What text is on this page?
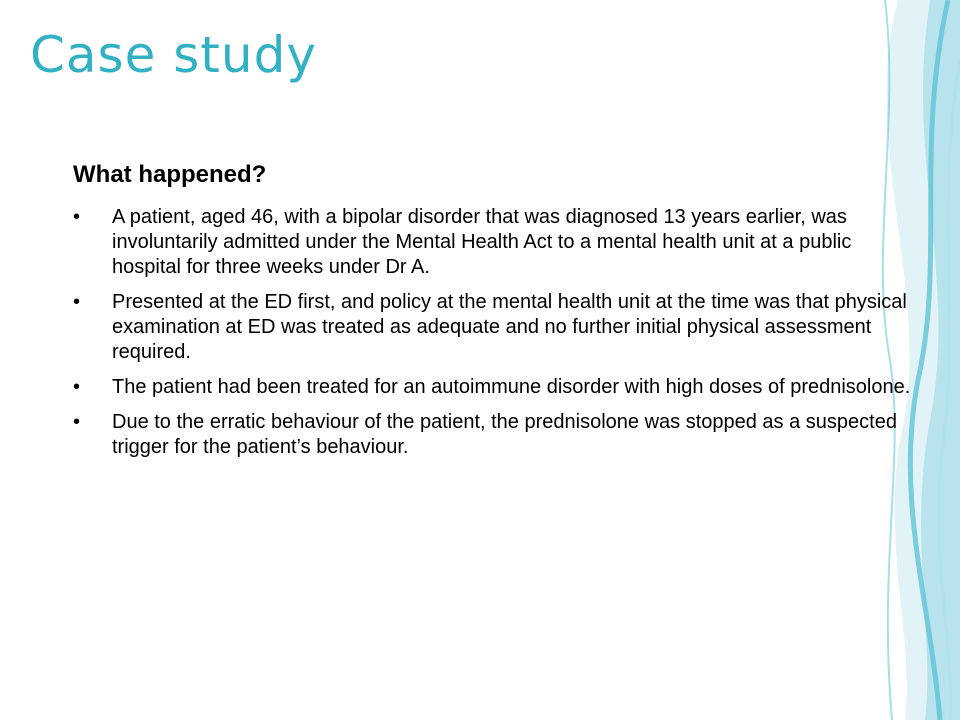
Case study
What happened?
• A patient, aged 46, with a bipolar disorder that was diagnosed 13 years earlier, was involuntarily admitted under the Mental Health Act to a mental health unit at a public hospital for three weeks under Dr A.
• Presented at the ED first, and policy at the mental health unit at the time was that physical examination at ED was treated as adequate and no further initial physical assessment required.
• The patient had been treated for an autoimmune disorder with high doses of prednisolone.
• Due to the erratic behaviour of the patient, the prednisolone was stopped as a suspected trigger for the patient’s behaviour.
